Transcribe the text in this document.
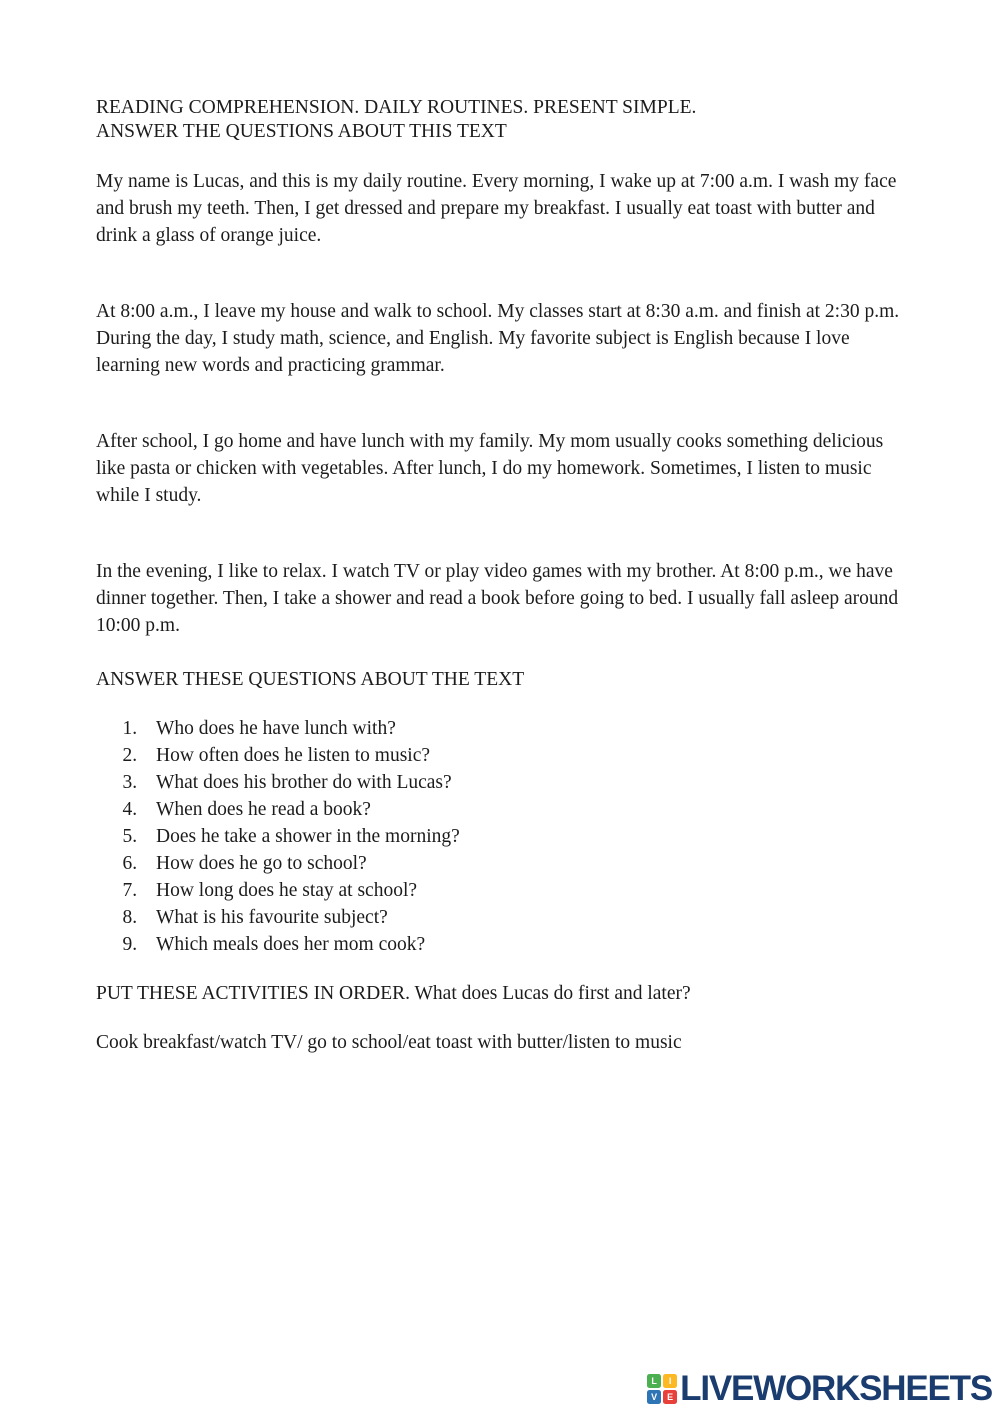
READING COMPREHENSION. DAILY ROUTINES. PRESENT SIMPLE.
ANSWER THE QUESTIONS ABOUT THIS TEXT

My name is Lucas, and this is my daily routine. Every morning, I wake up at 7:00 a.m. I wash my face and brush my teeth. Then, I get dressed and prepare my breakfast. I usually eat toast with butter and drink a glass of orange juice.

At 8:00 a.m., I leave my house and walk to school. My classes start at 8:30 a.m. and finish at 2:30 p.m. During the day, I study math, science, and English. My favorite subject is English because I love learning new words and practicing grammar.

After school, I go home and have lunch with my family. My mom usually cooks something delicious like pasta or chicken with vegetables. After lunch, I do my homework. Sometimes, I listen to music while I study.

In the evening, I like to relax. I watch TV or play video games with my brother. At 8:00 p.m., we have dinner together. Then, I take a shower and read a book before going to bed. I usually fall asleep around 10:00 p.m.

ANSWER THESE QUESTIONS ABOUT THE TEXT
1. Who does he have lunch with?
2. How often does he listen to music?
3. What does his brother do with Lucas?
4. When does he read a book?
5. Does he take a shower in the morning?
6. How does he go to school?
7. How long does he stay at school?
8. What is his favourite subject?
9. Which meals does her mom cook?
PUT THESE ACTIVITIES IN ORDER. What does Lucas do first and later?

Cook breakfast/watch TV/ go to school/eat toast with butter/listen to music

L	I
V	E LIVEWORKSHEETS
